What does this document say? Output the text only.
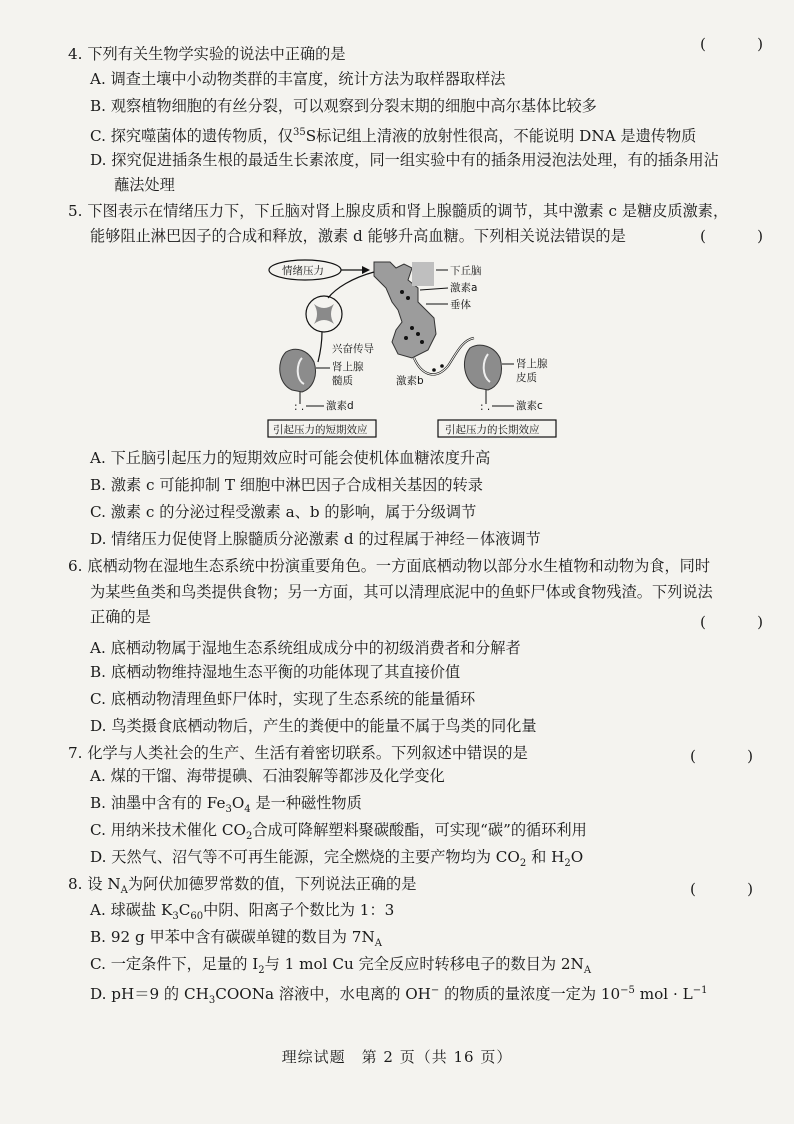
(　)
4. 下列有关生物学实验的说法中正确的是
A. 调查土壤中小动物类群的丰富度，统计方法为取样器取样法
B. 观察植物细胞的有丝分裂，可以观察到分裂末期的细胞中高尔基体比较多
C. 探究噬菌体的遗传物质，仅$^{35}$S标记组上清液的放射性很高，不能说明 DNA 是遗传物质
D. 探究促进插条生根的最适生长素浓度，同一组实验中有的插条用浸泡法处理，有的插条用沾
蘸法处理
5. 下图表示在情绪压力下，下丘脑对肾上腺皮质和肾上腺髓质的调节，其中激素 c 是糖皮质激素，
能够阻止淋巴因子的合成和释放，激素 d 能够升高血糖。下列相关说法错误的是	(　)
情绪压力	下丘脑
激素a
垂体
兴奋传导
肾上腺
髓质
: . 激素d
激素b
肾上腺
皮质
: . 激素c
引起压力的短期效应	引起压力的长期效应
A. 下丘脑引起压力的短期效应时可能会使机体血糖浓度升高
B. 激素 c 可能抑制 T 细胞中淋巴因子合成相关基因的转录
C. 激素 c 的分泌过程受激素 a、b 的影响，属于分级调节
D. 情绪压力促使肾上腺髓质分泌激素 d 的过程属于神经－体液调节
6. 底栖动物在湿地生态系统中扮演重要角色。一方面底栖动物以部分水生植物和动物为食，同时
为某些鱼类和鸟类提供食物；另一方面，其可以清理底泥中的鱼虾尸体或食物残渣。下列说法
正确的是	(　)
A. 底栖动物属于湿地生态系统组成成分中的初级消费者和分解者
B. 底栖动物维持湿地生态平衡的功能体现了其直接价值
C. 底栖动物清理鱼虾尸体时，实现了生态系统的能量循环
D. 鸟类摄食底栖动物后，产生的粪便中的能量不属于鸟类的同化量
7. 化学与人类社会的生产、生活有着密切联系。下列叙述中错误的是	(　)
A. 煤的干馏、海带提碘、石油裂解等都涉及化学变化
B. 油墨中含有的 $Fe_3O_4$ 是一种磁性物质
C. 用纳米技术催化 $CO_2$合成可降解塑料聚碳酸酯，可实现“碳”的循环利用
D. 天然气、沼气等不可再生能源，完全燃烧的主要产物均为 $CO_2$ 和 $H_2O$
8. 设 $N_A$为阿伏加德罗常数的值，下列说法正确的是	(　)
A. 球碳盐 $K_3C_{60}$中阴、阳离子个数比为 1：3
B. 92 g 甲苯中含有碳碳单键的数目为 $7N_A$
C. 一定条件下，足量的 $I_2$与 1 mol Cu 完全反应时转移电子的数目为 $2N_A$
D. pH＝9 的 $CH_3COONa$ 溶液中，水电离的 OH− 的物质的量浓度一定为 $10^{-5}$ mol · $L^{-1}$
理综试题　第 2 页（共 16 页）
